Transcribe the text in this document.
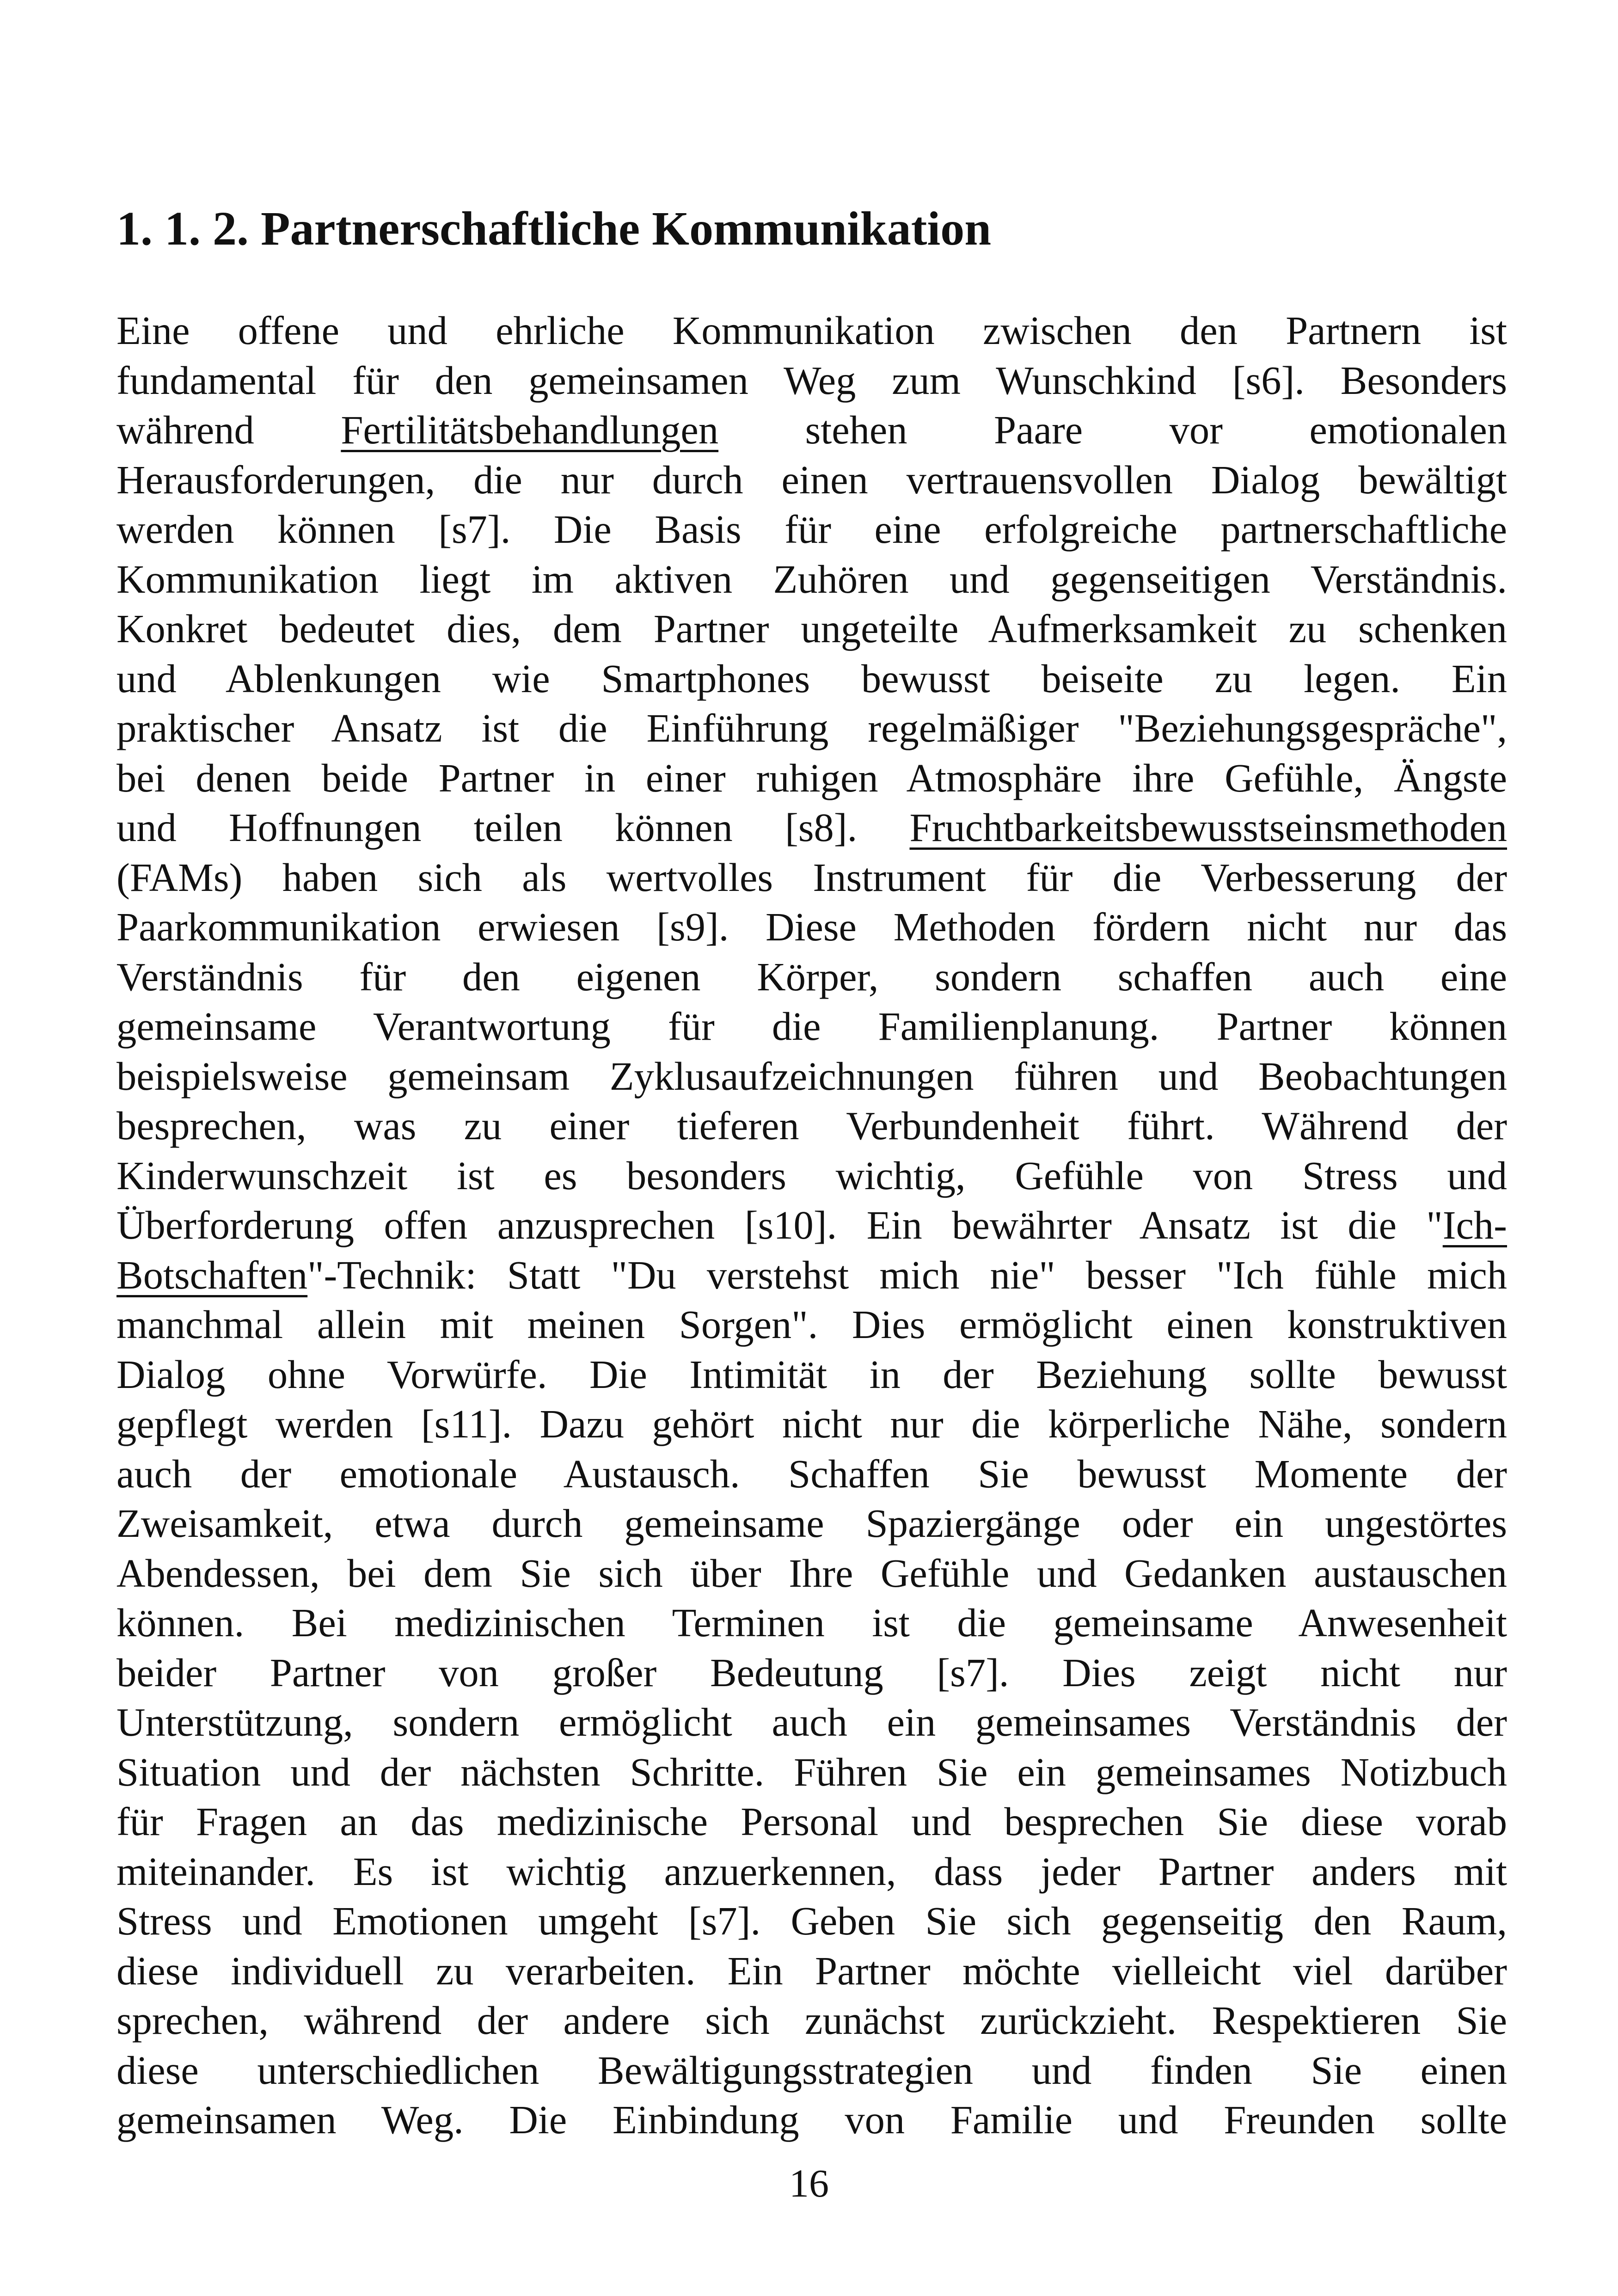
1. 1. 2. Partnerschaftliche Kommunikation
Eine offene und ehrliche Kommunikation zwischen den Partnern ist
fundamental für den gemeinsamen Weg zum Wunschkind [s6]. Besonders
während Fertilitätsbehandlungen stehen Paare vor emotionalen
Herausforderungen, die nur durch einen vertrauensvollen Dialog bewältigt
werden können [s7]. Die Basis für eine erfolgreiche partnerschaftliche
Kommunikation liegt im aktiven Zuhören und gegenseitigen Verständnis.
Konkret bedeutet dies, dem Partner ungeteilte Aufmerksamkeit zu schenken
und Ablenkungen wie Smartphones bewusst beiseite zu legen. Ein
praktischer Ansatz ist die Einführung regelmäßiger "Beziehungsgespräche",
bei denen beide Partner in einer ruhigen Atmosphäre ihre Gefühle, Ängste
und Hoffnungen teilen können [s8]. Fruchtbarkeitsbewusstseinsmethoden
(FAMs) haben sich als wertvolles Instrument für die Verbesserung der
Paarkommunikation erwiesen [s9]. Diese Methoden fördern nicht nur das
Verständnis für den eigenen Körper, sondern schaffen auch eine
gemeinsame Verantwortung für die Familienplanung. Partner können
beispielsweise gemeinsam Zyklusaufzeichnungen führen und Beobachtungen
besprechen, was zu einer tieferen Verbundenheit führt. Während der
Kinderwunschzeit ist es besonders wichtig, Gefühle von Stress und
Überforderung offen anzusprechen [s10]. Ein bewährter Ansatz ist die "Ich-
Botschaften"-Technik: Statt "Du verstehst mich nie" besser "Ich fühle mich
manchmal allein mit meinen Sorgen". Dies ermöglicht einen konstruktiven
Dialog ohne Vorwürfe. Die Intimität in der Beziehung sollte bewusst
gepflegt werden [s11]. Dazu gehört nicht nur die körperliche Nähe, sondern
auch der emotionale Austausch. Schaffen Sie bewusst Momente der
Zweisamkeit, etwa durch gemeinsame Spaziergänge oder ein ungestörtes
Abendessen, bei dem Sie sich über Ihre Gefühle und Gedanken austauschen
können. Bei medizinischen Terminen ist die gemeinsame Anwesenheit
beider Partner von großer Bedeutung [s7]. Dies zeigt nicht nur
Unterstützung, sondern ermöglicht auch ein gemeinsames Verständnis der
Situation und der nächsten Schritte. Führen Sie ein gemeinsames Notizbuch
für Fragen an das medizinische Personal und besprechen Sie diese vorab
miteinander. Es ist wichtig anzuerkennen, dass jeder Partner anders mit
Stress und Emotionen umgeht [s7]. Geben Sie sich gegenseitig den Raum,
diese individuell zu verarbeiten. Ein Partner möchte vielleicht viel darüber
sprechen, während der andere sich zunächst zurückzieht. Respektieren Sie
diese unterschiedlichen Bewältigungsstrategien und finden Sie einen
gemeinsamen Weg. Die Einbindung von Familie und Freunden sollte
16
